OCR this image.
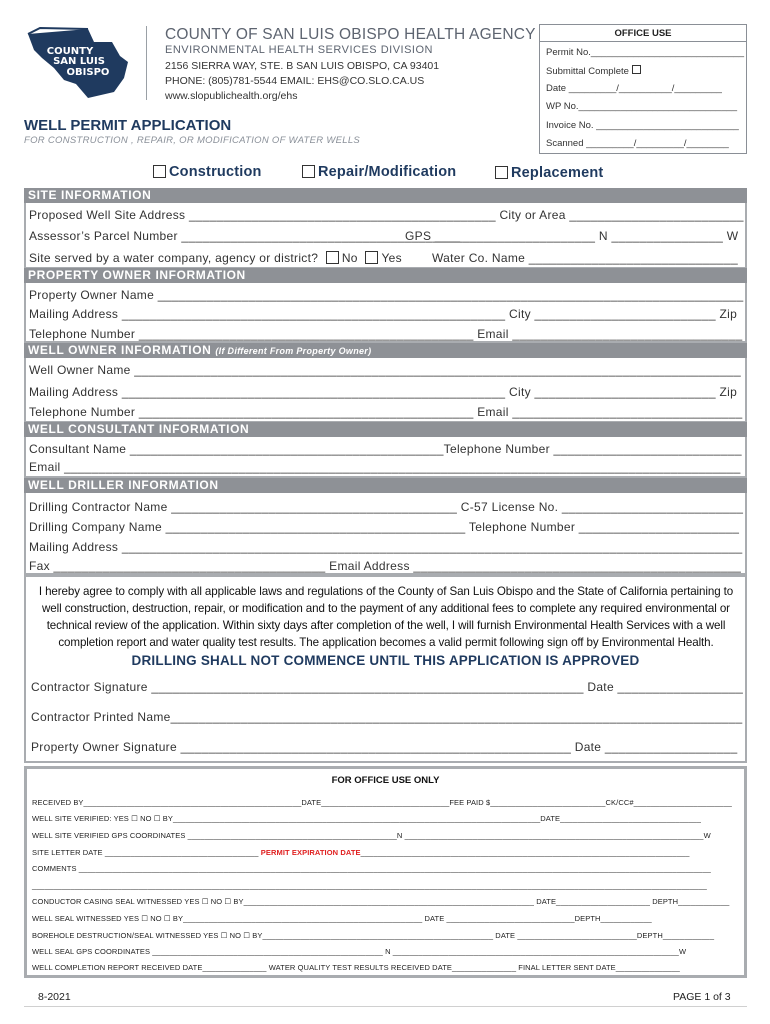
COUNTY
SAN LUIS
OBISPO
COUNTY OF SAN LUIS OBISPO HEALTH AGENCY
ENVIRONMENTAL HEALTH SERVICES DIVISION
2156 SIERRA WAY, STE. B SAN LUIS OBISPO, CA 93401
PHONE: (805)781-5544 EMAIL: EHS@CO.SLO.CA.US
www.slopublichealth.org/ehs
WELL PERMIT APPLICATION
FOR CONSTRUCTION , REPAIR, OR MODIFICATION OF WATER WELLS
OFFICE USE
Permit No._____________________________
Submittal Complete
Date _________/__________/_________
WP No.______________________________
Invoice No. ___________________________
Scanned _________/_________/________
Construction	Repair/Modification	Replacement
SITE INFORMATION
Proposed Well Site Address ____________________________________________ City or Area _________________________
Assessor’s Parcel Number ________________________________________
GPS _______________________ N ________________ W
Site served by a water company, agency or district? No Yes	Water Co. Name ______________________________
PROPERTY OWNER INFORMATION
Property Owner Name ____________________________________________________________________________________
Mailing Address _______________________________________________________ City __________________________ Zip
Telephone Number ________________________________________________ Email _________________________________
WELL OWNER INFORMATION (If Different From Property Owner)
Well Owner Name _______________________________________________________________________________________
Mailing Address _______________________________________________________ City __________________________ Zip
Telephone Number ________________________________________________ Email _________________________________
WELL CONSULTANT INFORMATION
Consultant Name _____________________________________________Telephone Number ___________________________
Email _________________________________________________________________________________________________
WELL DRILLER INFORMATION
Drilling Contractor Name _________________________________________ C-57 License No. __________________________
Drilling Company Name ___________________________________________ Telephone Number _______________________
Mailing Address _________________________________________________________________________________________
Fax _______________________________________ Email Address _______________________________________________
I hereby agree to comply with all applicable laws and regulations of the County of San Luis Obispo and the State of California pertaining to well construction, destruction, repair, or modification and to the payment of any additional fees to complete any required environmental or technical review of the application. Within sixty days after completion of the well, I will furnish Environmental Health Services with a well completion report and water quality test results. The application becomes a valid permit following sign off by Environmental Health.
DRILLING SHALL NOT COMMENCE UNTIL THIS APPLICATION IS APPROVED
Contractor Signature ______________________________________________________________ Date __________________
Contractor Printed Name__________________________________________________________________________________
Property Owner Signature ________________________________________________________ Date ___________________
FOR OFFICE USE ONLY
RECEIVED BY___________________________________________________DATE______________________________FEE PAID $___________________________CK/CC#_______________________
WELL SITE VERIFIED: YES ☐ NO ☐ BY______________________________________________________________________________________DATE_________________________________
WELL SITE VERIFIED GPS COORDINATES _________________________________________________N ______________________________________________________________________W
SITE LETTER DATE ____________________________________ PERMIT EXPIRATION DATE_____________________________________________________________________________
COMMENTS ____________________________________________________________________________________________________________________________________________________
______________________________________________________________________________________________________________________________________________________________
CONDUCTOR CASING SEAL WITNESSED YES ☐ NO ☐ BY____________________________________________________________________ DATE______________________ DEPTH____________
WELL SEAL WITNESSED YES ☐ NO ☐ BY________________________________________________________ DATE ______________________________DEPTH____________
BOREHOLE DESTRUCTION/SEAL WITNESSED YES ☐ NO ☐ BY______________________________________________________ DATE ____________________________DEPTH____________
WELL SEAL GPS COORDINATES ______________________________________________________ N ___________________________________________________________________W
WELL COMPLETION REPORT RECEIVED DATE_______________ WATER QUALITY TEST RESULTS RECEIVED DATE_______________ FINAL LETTER SENT DATE_______________
8-2021	PAGE 1 of 3
